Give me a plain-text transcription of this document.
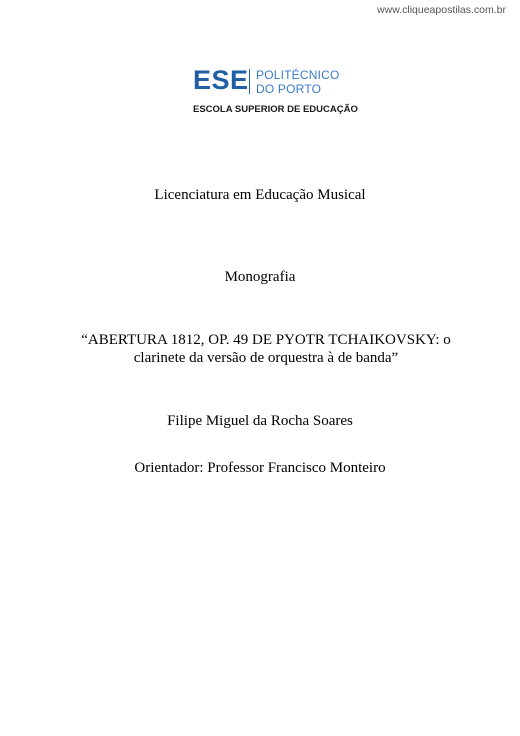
www.cliqueapostilas.com.br
ESE POLITÉCNICO
DO PORTO
ESCOLA SUPERIOR DE EDUCAÇÃO
Licenciatura em Educação Musical
Monografia
“ABERTURA 1812, OP. 49 DE PYOTR TCHAIKOVSKY: o
clarinete da versão de orquestra à de banda”
Filipe Miguel da Rocha Soares
Orientador: Professor Francisco Monteiro
